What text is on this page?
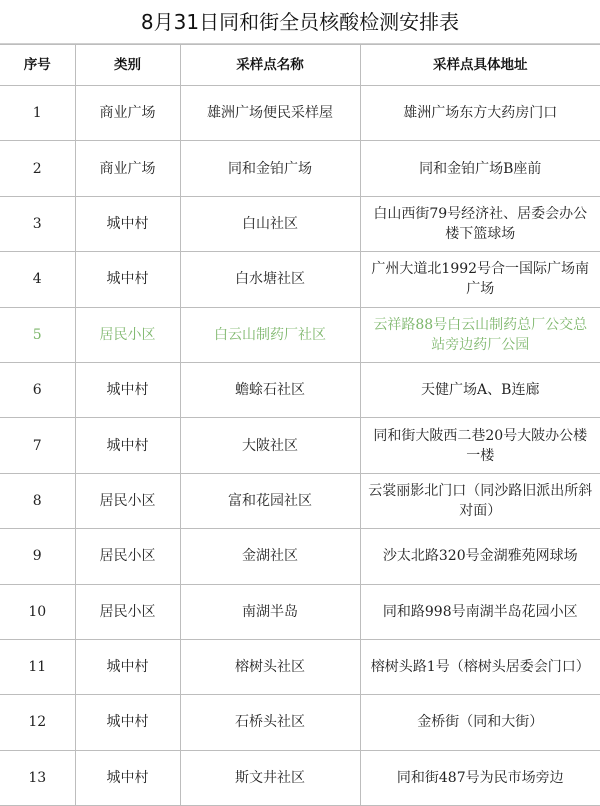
8月31日同和街全员核酸检测安排表
序号	类别	采样点名称	采样点具体地址
1	商业广场	雄洲广场便民采样屋	雄洲广场东方大药房门口
2	商业广场	同和金铂广场	同和金铂广场B座前
3	城中村	白山社区	白山西街79号经济社、居委会办公楼下篮球场
4	城中村	白水塘社区	广州大道北1992号合一国际广场南广场
5	居民小区	白云山制药厂社区	云祥路88号白云山制药总厂公交总站旁边药厂公园
6	城中村	蟾蜍石社区	天健广场A、B连廊
7	城中村	大陂社区	同和街大陂西二巷20号大陂办公楼一楼
8	居民小区	富和花园社区	云裳丽影北门口（同沙路旧派出所斜对面）
9	居民小区	金湖社区	沙太北路320号金湖雅苑网球场
10	居民小区	南湖半岛	同和路998号南湖半岛花园小区
11	城中村	榕树头社区	榕树头路1号（榕树头居委会门口）
12	城中村	石桥头社区	金桥街（同和大街）
13	城中村	斯文井社区	同和街487号为民市场旁边
